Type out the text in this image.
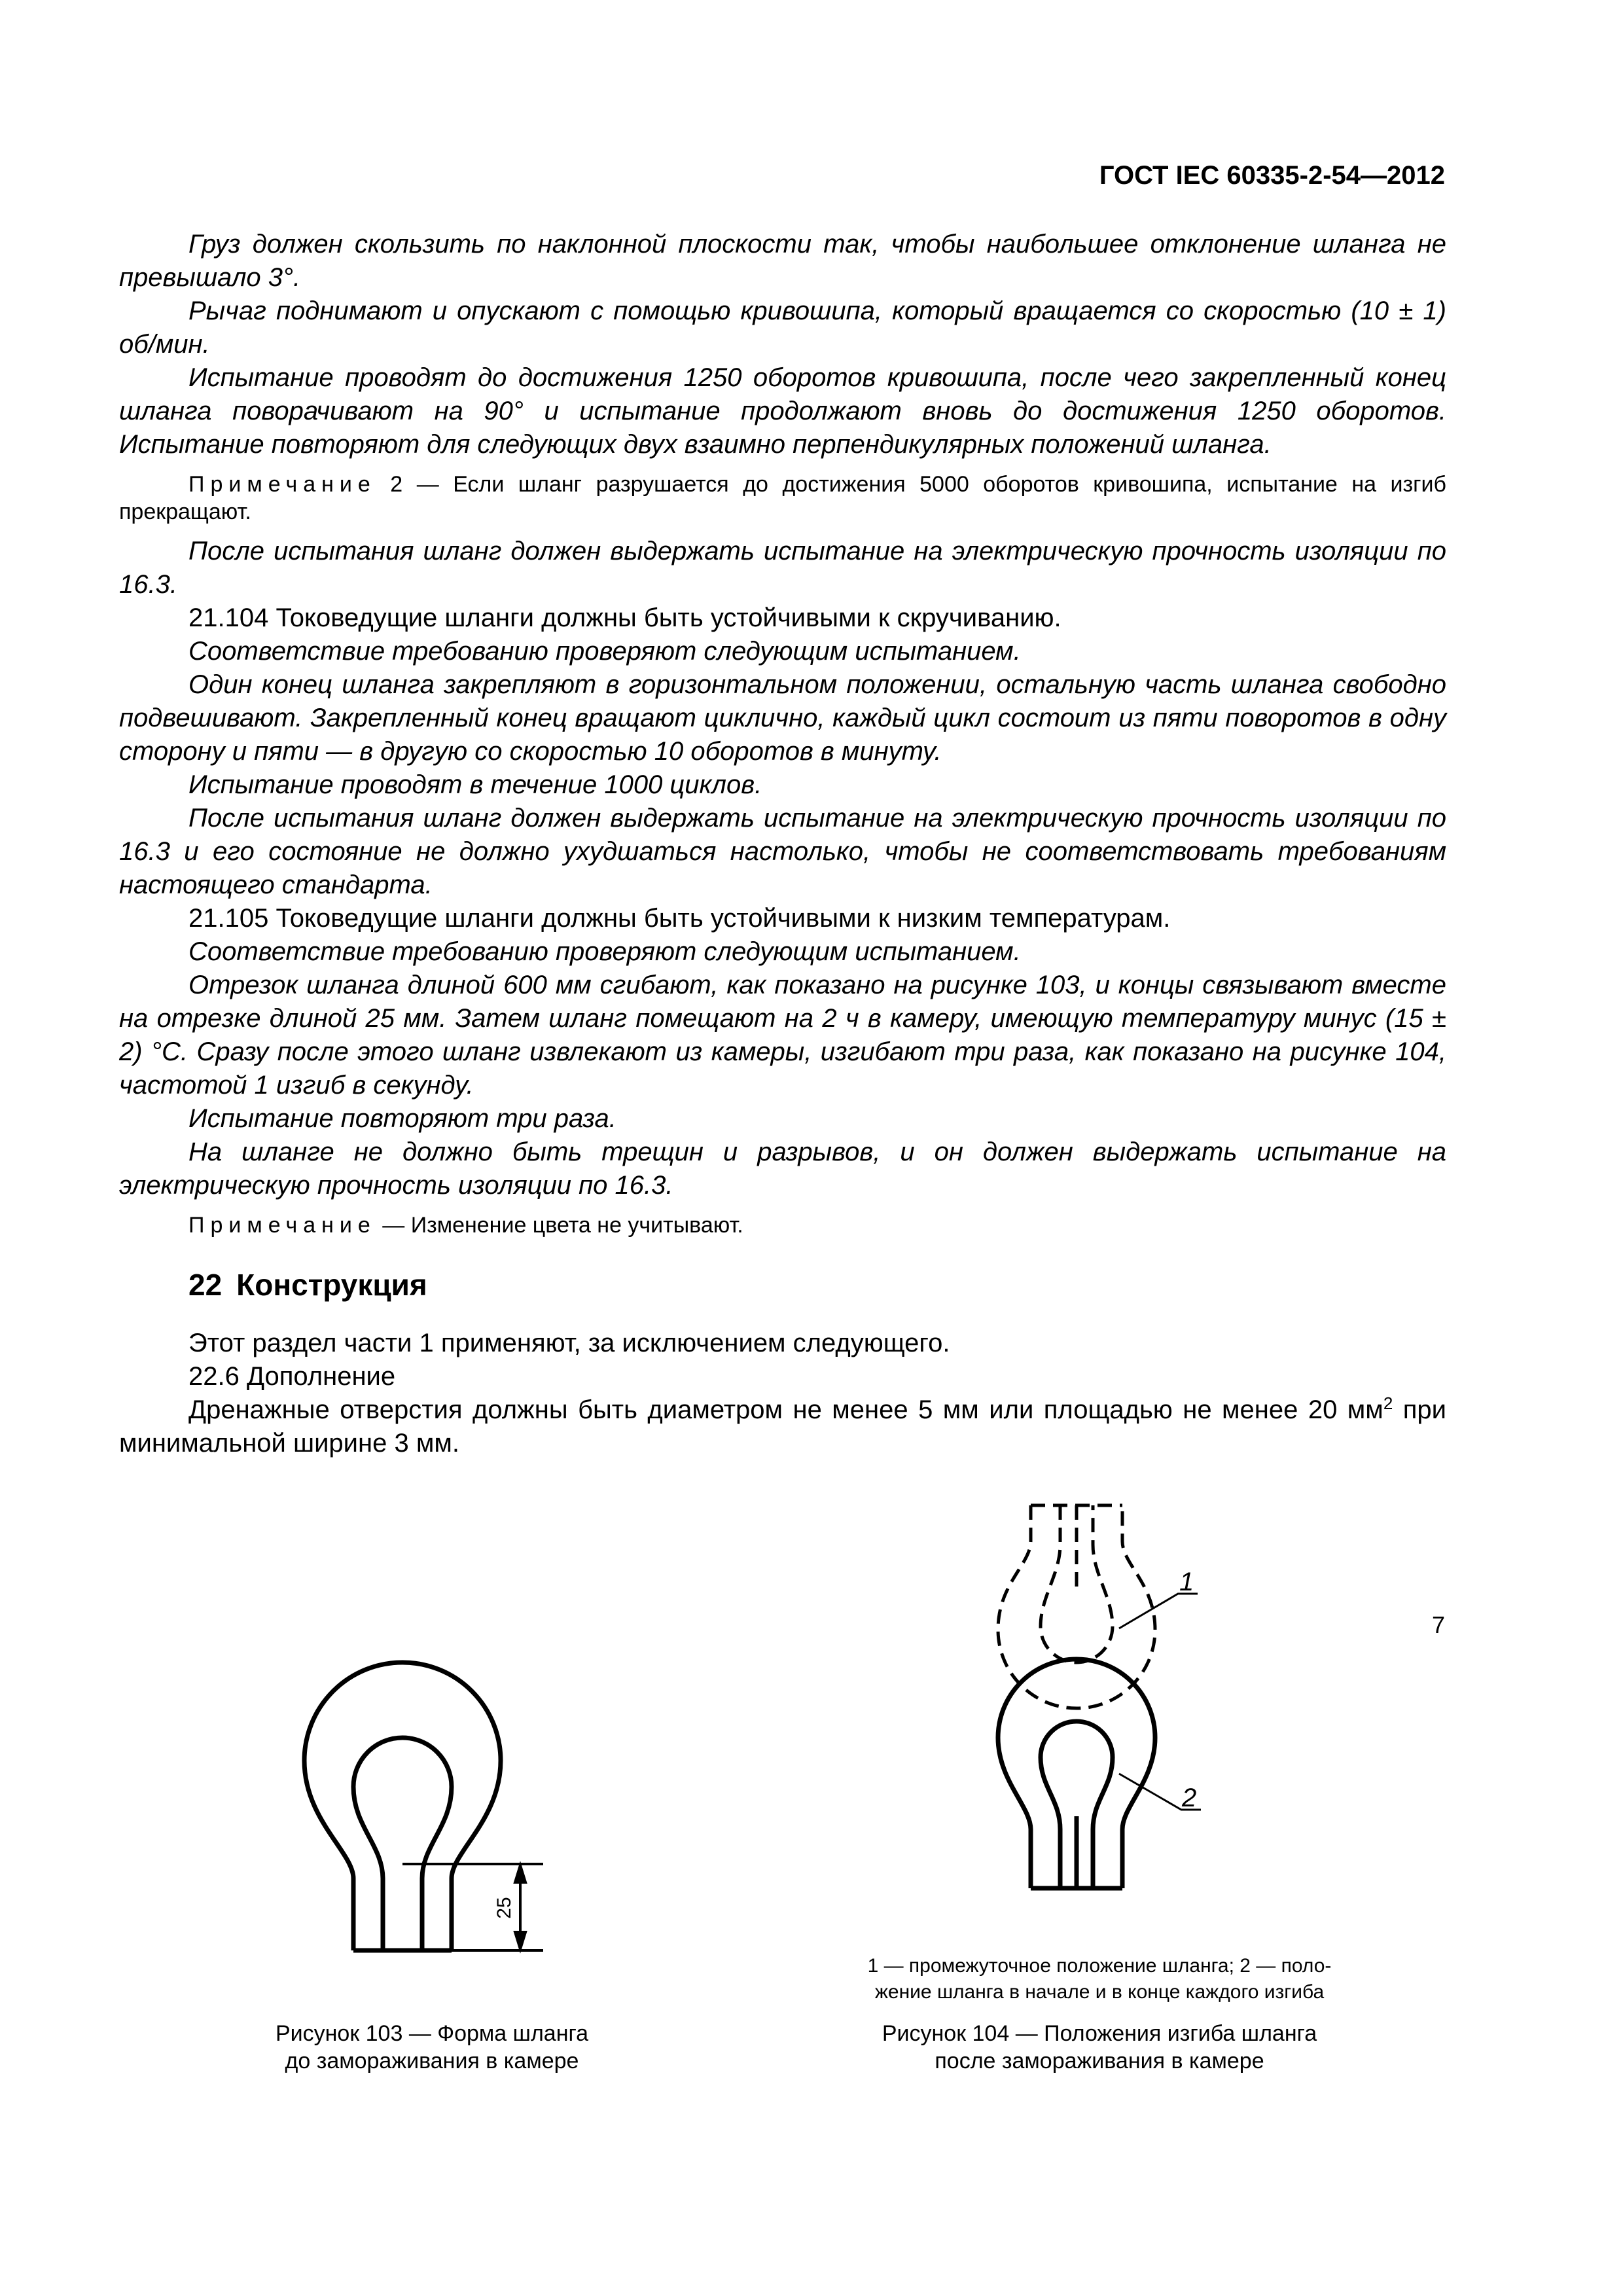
ГОСТ IEC 60335-2-54—2012

Груз должен скользить по наклонной плоскости так, чтобы наибольшее отклонение шланга не превышало 3°.

Рычаг поднимают и опускают с помощью кривошипа, который вращается со скоростью (10 ± 1) об/мин.

Испытание проводят до достижения 1250 оборотов кривошипа, после чего закрепленный конец шланга поворачивают на 90° и испытание продолжают вновь до достижения 1250 оборотов. Испытание повторяют для следующих двух взаимно перпендикулярных положений шланга.

Примечание 2 — Если шланг разрушается до достижения 5000 оборотов кривошипа, испытание на изгиб прекращают.

После испытания шланг должен выдержать испытание на электрическую прочность изоляции по 16.3.

21.104 Токоведущие шланги должны быть устойчивыми к скручиванию.

Соответствие требованию проверяют следующим испытанием.

Один конец шланга закрепляют в горизонтальном положении, остальную часть шланга свободно подвешивают. Закрепленный конец вращают циклично, каждый цикл состоит из пяти поворотов в одну сторону и пяти — в другую со скоростью 10 оборотов в минуту.

Испытание проводят в течение 1000 циклов.

После испытания шланг должен выдержать испытание на электрическую прочность изоляции по 16.3 и его состояние не должно ухудшаться настолько, чтобы не соответствовать требованиям настоящего стандарта.

21.105 Токоведущие шланги должны быть устойчивыми к низким температурам.

Соответствие требованию проверяют следующим испытанием.

Отрезок шланга длиной 600 мм сгибают, как показано на рисунке 103, и концы связывают вместе на отрезке длиной 25 мм. Затем шланг помещают на 2 ч в камеру, имеющую температуру минус (15 ± 2) °С. Сразу после этого шланг извлекают из камеры, изгибают три раза, как показано на рисунке 104, частотой 1 изгиб в секунду.

Испытание повторяют три раза.

На шланге не должно быть трещин и разрывов, и он должен выдержать испытание на электрическую прочность изоляции по 16.3.

Примечание — Изменение цвета не учитывают.

22 Конструкция

Этот раздел части 1 применяют, за исключением следующего.

22.6 Дополнение

Дренажные отверстия должны быть диаметром не менее 5 мм или площадью не менее 20 $мм^2$ при минимальной ширине 3 мм.

25

Рисунок 103 — Форма шланга
до замораживания в камере

1
2

1 — промежуточное положение шланга; 2 — поло-
жение шланга в начале и в конце каждого изгиба

Рисунок 104 — Положения изгиба шланга
после замораживания в камере

7
